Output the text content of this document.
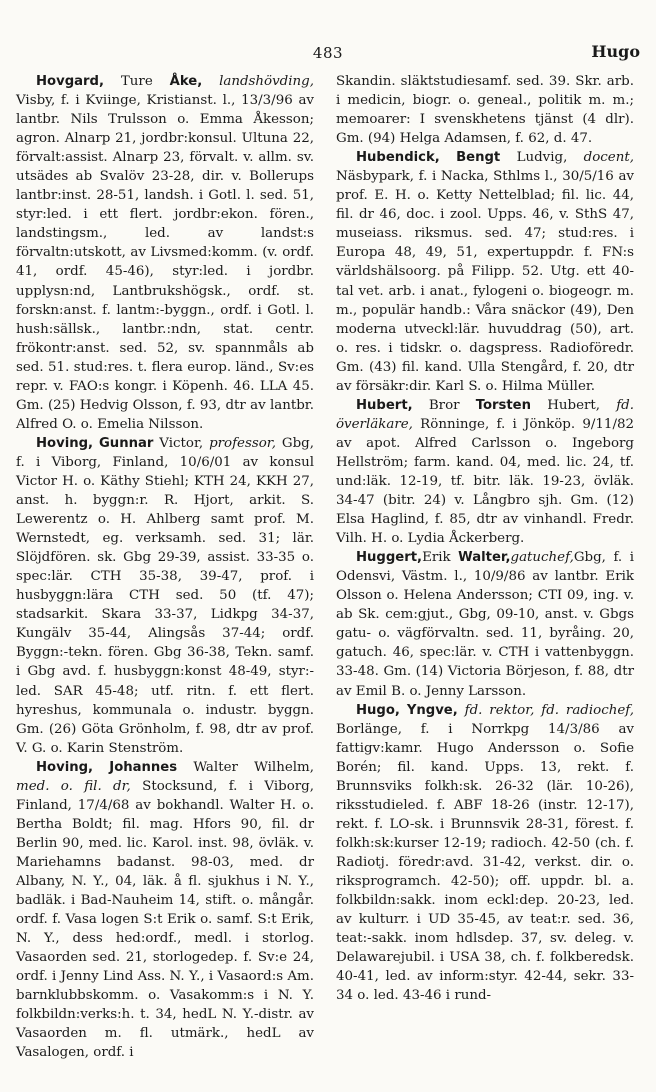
483	Hugo

Hovgard, Ture Åke, landshövding, Visby, f. i Kviinge, Kristianst. l., 13/3/96 av lantbr. Nils Trulsson o. Emma Åkesson; agron. Alnarp 21, jordbr:konsul. Ultuna 22, förvalt:assist. Alnarp 23, förvalt. v. allm. sv. utsädes ab Svalöv 23-28, dir. v. Bollerups lantbr:inst. 28-51, landsh. i Gotl. l. sed. 51, styr:led. i ett flert. jordbr:ekon. fören., landstingsm., led. av landst:s förvaltn:utskott, av Livsmed:komm. (v. ordf. 41, ordf. 45-46), styr:led. i jordbr. upplysn:nd, Lantbrukshögsk., ordf. st. forskn:anst. f. lantm:-byggn., ordf. i Gotl. l. hush:sällsk., lantbr.:ndn, stat. centr. frökontr:anst. sed. 52, sv. spannmåls ab sed. 51. stud:res. t. flera europ. länd., Sv:es repr. v. FAO:s kongr. i Köpenh. 46. LLA 45. Gm. (25) Hedvig Olsson, f. 93, dtr av lantbr. Alfred O. o. Emelia Nilsson.

Hoving, Gunnar Victor, professor, Gbg, f. i Viborg, Finland, 10/6/01 av konsul Victor H. o. Käthy Stiehl; KTH 24, KKH 27, anst. h. byggn:r. R. Hjort, arkit. S. Lewerentz o. H. Ahlberg samt prof. M. Wernstedt, eg. verksamh. sed. 31; lär. Slöjdfören. sk. Gbg 29-39, assist. 33-35 o. spec:lär. CTH 35-38, 39-47, prof. i husbyggn:lära CTH sed. 50 (tf. 47); stadsarkit. Skara 33-37, Lidkpg 34-37, Kungälv 35-44, Alingsås 37-44; ordf. Byggn:-tekn. fören. Gbg 36-38, Tekn. samf. i Gbg avd. f. husbyggn:konst 48-49, styr:-led. SAR 45-48; utf. ritn. f. ett flert. hyreshus, kommunala o. industr. byggn. Gm. (26) Göta Grönholm, f. 98, dtr av prof. V. G. o. Karin Stenström.

Hoving, Johannes Walter Wilhelm, med. o. fil. dr, Stocksund, f. i Viborg, Finland, 17/4/68 av bokhandl. Walter H. o. Bertha Boldt; fil. mag. Hfors 90, fil. dr Berlin 90, med. lic. Karol. inst. 98, övläk. v. Mariehamns badanst. 98-03, med. dr Albany, N. Y., 04, läk. å fl. sjukhus i N. Y., badläk. i Bad-Nauheim 14, stift. o. mångår. ordf. f. Vasa logen S:t Erik o. samf. S:t Erik, N. Y., dess hed:ordf., medl. i storlog. Vasaorden sed. 21, storlogedep. f. Sv:e 24, ordf. i Jenny Lind Ass. N. Y., i Vasaord:s Am. barnklubbskomm. o. Vasakomm:s i N. Y. folkbildn:verks:h. t. 34, hedL N. Y.-distr. av Vasaorden m. fl. utmärk., hedL av Vasalogen, ordf. i

Skandin. släktstudiesamf. sed. 39. Skr. arb. i medicin, biogr. o. geneal., politik m. m.; memoarer: I svenskhetens tjänst (4 dlr). Gm. (94) Helga Adamsen, f. 62, d. 47.

Hubendick, Bengt Ludvig, docent, Näsbypark, f. i Nacka, Sthlms l., 30/5/16 av prof. E. H. o. Ketty Nettelblad; fil. lic. 44, fil. dr 46, doc. i zool. Upps. 46, v. SthS 47, museiass. riksmus. sed. 47; stud:res. i Europa 48, 49, 51, expertuppdr. f. FN:s världshälsoorg. på Filipp. 52. Utg. ett 40-tal vet. arb. i anat., fylogeni o. biogeogr. m. m., populär handb.: Våra snäckor (49), Den moderna utveckl:lär. huvuddrag (50), art. o. res. i tidskr. o. dagspress. Radioföredr. Gm. (43) fil. kand. Ulla Stengård, f. 20, dtr av försäkr:dir. Karl S. o. Hilma Müller.

Hubert, Bror Torsten Hubert, fd. överläkare, Rönninge, f. i Jönköp. 9/11/82 av apot. Alfred Carlsson o. Ingeborg Hellström; farm. kand. 04, med. lic. 24, tf. und:läk. 12-19, tf. bitr. läk. 19-23, övläk. 34-47 (bitr. 24) v. Långbro sjh. Gm. (12) Elsa Haglind, f. 85, dtr av vinhandl. Fredr. Vilh. H. o. Lydia Åckerberg.

Huggert,Erik Walter,gatuchef,Gbg, f. i Odensvi, Västm. l., 10/9/86 av lantbr. Erik Olsson o. Helena Andersson; CTI 09, ing. v. ab Sk. cem:gjut., Gbg, 09-10, anst. v. Gbgs gatu- o. vägförvaltn. sed. 11, byråing. 20, gatuch. 46, spec:lär. v. CTH i vattenbyggn. 33-48. Gm. (14) Victoria Börjeson, f. 88, dtr av Emil B. o. Jenny Larsson.

Hugo, Yngve, fd. rektor, fd. radiochef, Borlänge, f. i Norrkpg 14/3/86 av fattigv:kamr. Hugo Andersson o. Sofie Borén; fil. kand. Upps. 13, rekt. f. Brunnsviks folkh:sk. 26-32 (lär. 10-26), riksstudieled. f. ABF 18-26 (instr. 12-17), rekt. f. LO-sk. i Brunnsvik 28-31, förest. f. folkh:sk:kurser 12-19; radioch. 42-50 (ch. f. Radiotj. föredr:avd. 31-42, verkst. dir. o. riksprogramch. 42-50); off. uppdr. bl. a. folkbildn:sakk. inom eckl:dep. 20-23, led. av kulturr. i UD 35-45, av teat:r. sed. 36, teat:-sakk. inom hdlsdep. 37, sv. deleg. v. Delawarejubil. i USA 38, ch. f. folkberedsk. 40-41, led. av inform:styr. 42-44, sekr. 33-34 o. led. 43-46 i rund-
